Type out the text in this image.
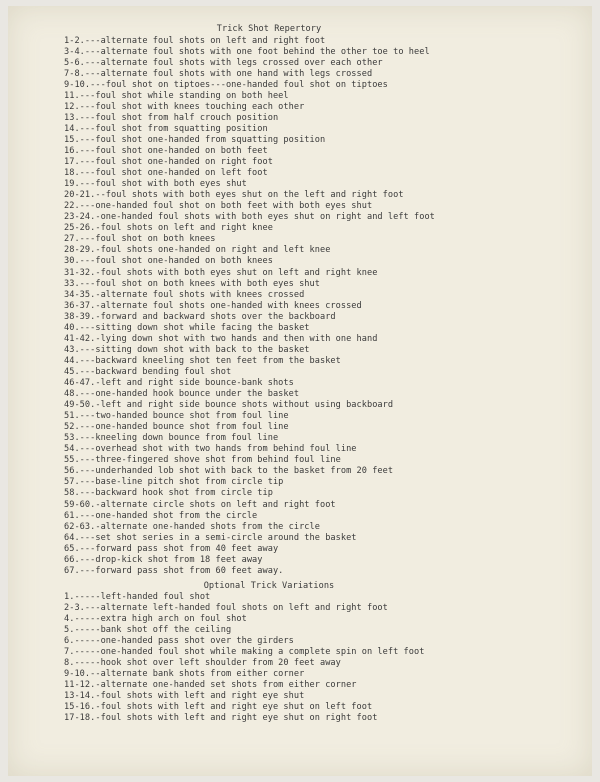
Trick Shot Repertory
1-2.---alternate foul shots on left and right foot
3-4.---alternate foul shots with one foot behind the other toe to heel
5-6.---alternate foul shots with legs crossed over each other
7-8.---alternate foul shots with one hand with legs crossed
9-10.---foul shot on tiptoes---one-handed foul shot on tiptoes
11.---foul shot while standing on both heel
12.---foul shot with knees touching each other
13.---foul shot from half crouch position
14.---foul shot from squatting position
15.---foul shot one-handed from squatting position
16.---foul shot one-handed on both feet
17.---foul shot one-handed on right foot
18.---foul shot one-handed on left foot
19.---foul shot with both eyes shut
20-21.--foul shots with both eyes shut on the left and right foot
22.---one-handed foul shot on both feet with both eyes shut
23-24.-one-handed foul shots with both eyes shut on right and left foot
25-26.-foul shots on left and right knee
27.---foul shot on both knees
28-29.-foul shots one-handed on right and left knee
30.---foul shot one-handed on both knees
31-32.-foul shots with both eyes shut on left and right knee
33.---foul shot on both knees with both eyes shut
34-35.-alternate foul shots with knees crossed
36-37.-alternate foul shots one-handed with knees crossed
38-39.-forward and backward shots over the backboard
40.---sitting down shot while facing the basket
41-42.-lying down shot with two hands and then with one hand
43.---sitting down shot with back to the basket
44.---backward kneeling shot ten feet from the basket
45.---backward bending foul shot
46-47.-left and right side bounce-bank shots
48.---one-handed hook bounce under the basket
49-50.-left and right side bounce shots without using backboard
51.---two-handed bounce shot from foul line
52.---one-handed bounce shot from foul line
53.---kneeling down bounce from foul line
54.---overhead shot with two hands from behind foul line
55.---three-fingered shove shot from behind foul line
56.---underhanded lob shot with back to the basket from 20 feet
57.---base-line pitch shot from circle tip
58.---backward hook shot from circle tip
59-60.-alternate circle shots on left and right foot
61.---one-handed shot from the circle
62-63.-alternate one-handed shots from the circle
64.---set shot series in a semi-circle around the basket
65.---forward pass shot from 40 feet away
66.---drop-kick shot from 18 feet away
67.---forward pass shot from 60 feet away.
Optional Trick Variations
1.-----left-handed foul shot
2-3.---alternate left-handed foul shots on left and right foot
4.-----extra high arch on foul shot
5.-----bank shot off the ceiling
6.-----one-handed pass shot over the girders
7.-----one-handed foul shot while making a complete spin on left foot
8.-----hook shot over left shoulder from 20 feet away
9-10.--alternate bank shots from either corner
11-12.-alternate one-handed set shots from either corner
13-14.-foul shots with left and right eye shut
15-16.-foul shots with left and right eye shut on left foot
17-18.-foul shots with left and right eye shut on right foot
